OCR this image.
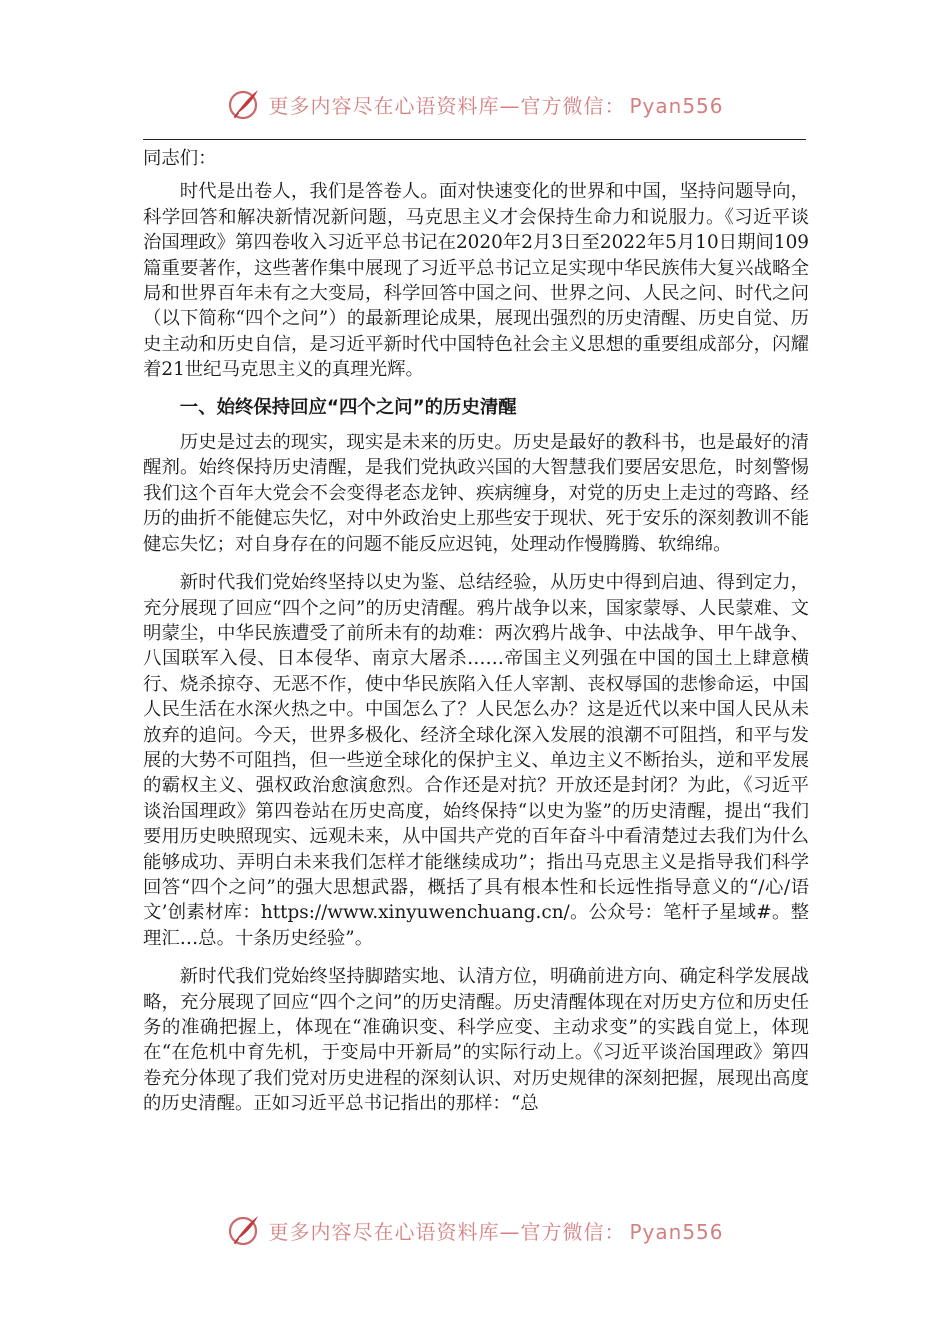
更多内容尽在心语资料库—官方微信： Pyan556

同志们：

时代是出卷人，我们是答卷人。面对快速变化的世界和中国，坚持问题导向，科学回答和解决新情况新问题，马克思主义才会保持生命力和说服力。《习近平谈治国理政》第四卷收入习近平总书记在2020年2月3日至2022年5月10日期间109篇重要著作，这些著作集中展现了习近平总书记立足实现中华民族伟大复兴战略全局和世界百年未有之大变局，科学回答中国之问、世界之问、人民之问、时代之问（以下简称“四个之问”）的最新理论成果，展现出强烈的历史清醒、历史自觉、历史主动和历史自信，是习近平新时代中国特色社会主义思想的重要组成部分，闪耀着21世纪马克思主义的真理光辉。

一、始终保持回应“四个之问”的历史清醒

历史是过去的现实，现实是未来的历史。历史是最好的教科书，也是最好的清醒剂。始终保持历史清醒，是我们党执政兴国的大智慧我们要居安思危，时刻警惕我们这个百年大党会不会变得老态龙钟、疾病缠身，对党的历史上走过的弯路、经历的曲折不能健忘失忆，对中外政治史上那些安于现状、死于安乐的深刻教训不能健忘失忆；对自身存在的问题不能反应迟钝，处理动作慢腾腾、软绵绵。

新时代我们党始终坚持以史为鉴、总结经验，从历史中得到启迪、得到定力，充分展现了回应“四个之问”的历史清醒。鸦片战争以来，国家蒙辱、人民蒙难、文明蒙尘，中华民族遭受了前所未有的劫难：两次鸦片战争、中法战争、甲午战争、八国联军入侵、日本侵华、南京大屠杀……帝国主义列强在中国的国土上肆意横行、烧杀掠夺、无恶不作，使中华民族陷入任人宰割、丧权辱国的悲惨命运，中国人民生活在水深火热之中。中国怎么了？人民怎么办？这是近代以来中国人民从未放弃的追问。今天，世界多极化、经济全球化深入发展的浪潮不可阻挡，和平与发展的大势不可阻挡，但一些逆全球化的保护主义、单边主义不断抬头，逆和平发展的霸权主义、强权政治愈演愈烈。合作还是对抗？开放还是封闭？为此，《习近平谈治国理政》第四卷站在历史高度，始终保持“以史为鉴”的历史清醒，提出“我们要用历史映照现实、远观未来，从中国共产党的百年奋斗中看清楚过去我们为什么能够成功、弄明白未来我们怎样才能继续成功”；指出马克思主义是指导我们科学回答“四个之问”的强大思想武器，概括了具有根本性和长远性指导意义的“/心/语文’创素材库：https://www.xinyuwenchuang.cn/。公众号：笔杆子星域#。整理汇…总。十条历史经验”。

新时代我们党始终坚持脚踏实地、认清方位，明确前进方向、确定科学发展战略，充分展现了回应“四个之问”的历史清醒。历史清醒体现在对历史方位和历史任务的准确把握上，体现在“准确识变、科学应变、主动求变”的实践自觉上，体现在“在危机中育先机，于变局中开新局”的实际行动上。《习近平谈治国理政》第四卷充分体现了我们党对历史进程的深刻认识、对历史规律的深刻把握，展现出高度的历史清醒。正如习近平总书记指出的那样：“总

更多内容尽在心语资料库—官方微信： Pyan556
